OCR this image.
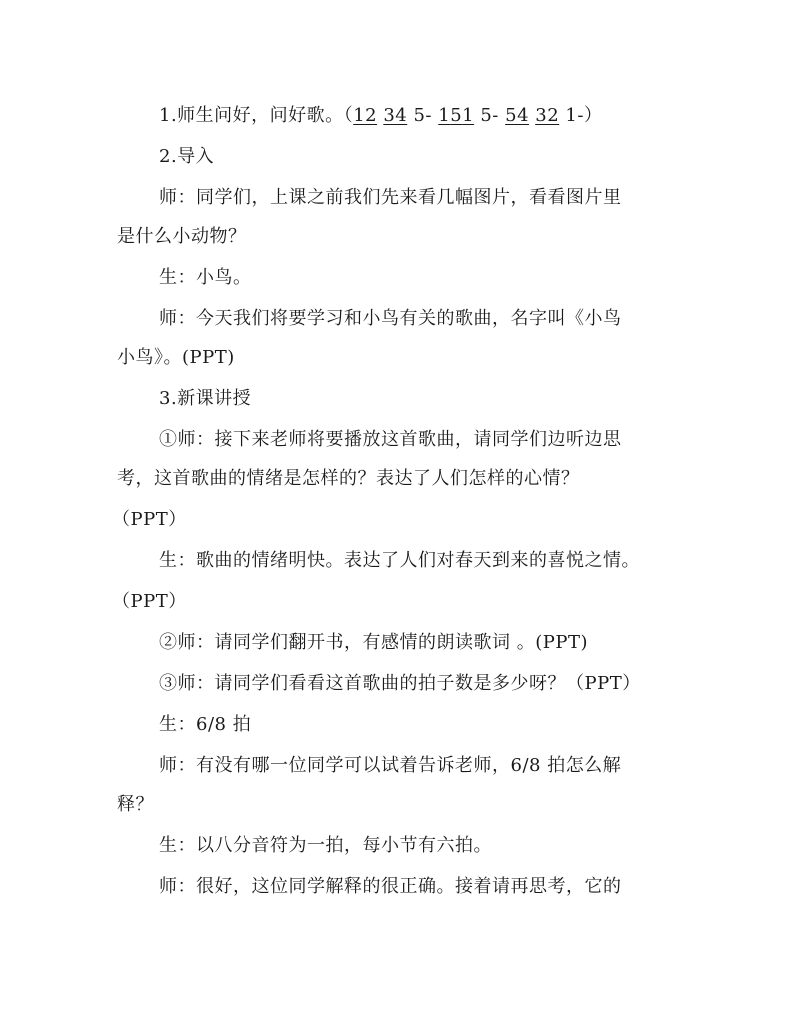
1.师生问好，问好歌。（12 34 5- 151 5- 54 32 1-）
2.导入
师：同学们，上课之前我们先来看几幅图片，看看图片里
是什么小动物？
生：小鸟。
师：今天我们将要学习和小鸟有关的歌曲，名字叫《小鸟
小鸟》。(PPT)
3.新课讲授
①师：接下来老师将要播放这首歌曲，请同学们边听边思
考，这首歌曲的情绪是怎样的？表达了人们怎样的心情？
（PPT）
生：歌曲的情绪明快。表达了人们对春天到来的喜悦之情。
（PPT）
②师：请同学们翻开书，有感情的朗读歌词 。(PPT)
③师：请同学们看看这首歌曲的拍子数是多少呀？（PPT）
生：6/8 拍
师：有没有哪一位同学可以试着告诉老师，6/8 拍怎么解
释？
生：以八分音符为一拍，每小节有六拍。
师：很好，这位同学解释的很正确。接着请再思考，它的
